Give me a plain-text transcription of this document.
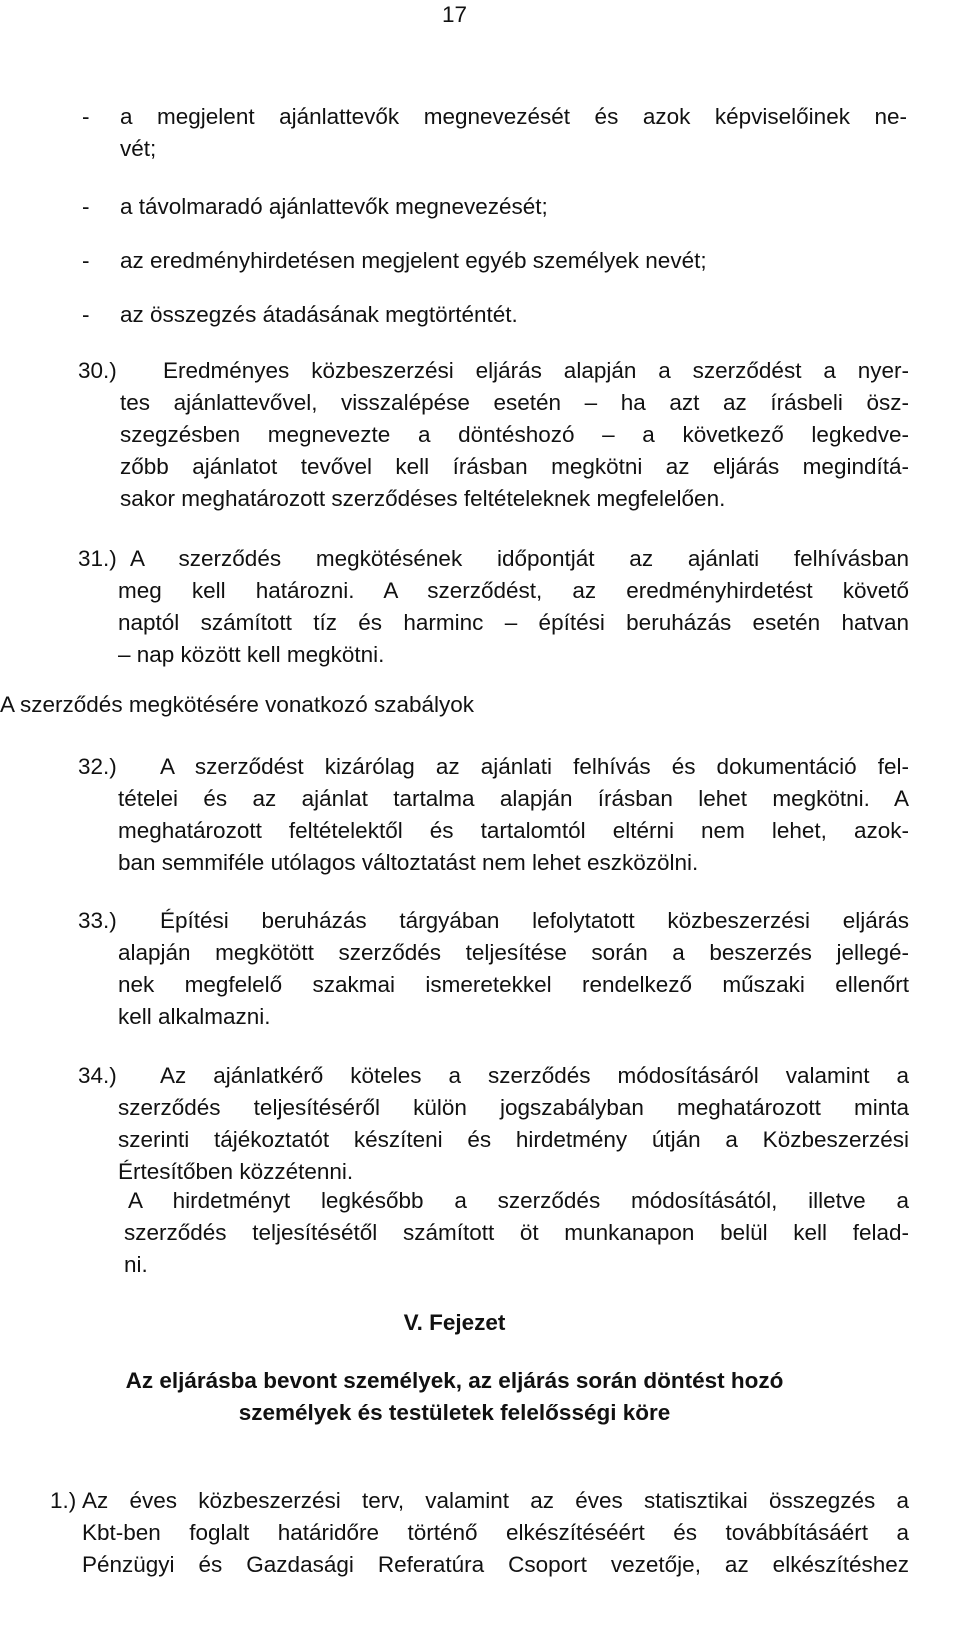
17
- a megjelent ajánlattevők megnevezését és azok képviselőinek ne-
vét;
- a távolmaradó ajánlattevők megnevezését;
- az eredményhirdetésen megjelent egyéb személyek nevét;
- az összegzés átadásának megtörténtét.
30.) Eredményes közbeszerzési eljárás alapján a szerződést a nyer-
tes ajánlattevővel, visszalépése esetén – ha azt az írásbeli ösz-
szegzésben megnevezte a döntéshozó – a következő legkedve-
zőbb ajánlatot tevővel kell írásban megkötni az eljárás megindítá-
sakor meghatározott szerződéses feltételeknek megfelelően.
31.) A szerződés megkötésének időpontját az ajánlati felhívásban
meg kell határozni. A szerződést, az eredményhirdetést követő
naptól számított tíz és harminc – építési beruházás esetén hatvan
– nap között kell megkötni.
A szerződés megkötésére vonatkozó szabályok
32.) A szerződést kizárólag az ajánlati felhívás és dokumentáció fel-
tételei és az ajánlat tartalma alapján írásban lehet megkötni. A
meghatározott feltételektől és tartalomtól eltérni nem lehet, azok-
ban semmiféle utólagos változtatást nem lehet eszközölni.
33.) Építési beruházás tárgyában lefolytatott közbeszerzési eljárás
alapján megkötött szerződés teljesítése során a beszerzés jellegé-
nek megfelelő szakmai ismeretekkel rendelkező műszaki ellenőrt
kell alkalmazni.
34.) Az ajánlatkérő köteles a szerződés módosításáról valamint a
szerződés teljesítéséről külön jogszabályban meghatározott minta
szerinti tájékoztatót készíteni és hirdetmény útján a Közbeszerzési
Értesítőben közzétenni.
A hirdetményt legkésőbb a szerződés módosításától, illetve a
szerződés teljesítésétől számított öt munkanapon belül kell felad-
ni.
V. Fejezet
Az eljárásba bevont személyek, az eljárás során döntést hozó
személyek és testületek felelősségi köre
1.) Az éves közbeszerzési terv, valamint az éves statisztikai összegzés a
Kbt-ben foglalt határidőre történő elkészítéséért és továbbításáért a
Pénzügyi és Gazdasági Referatúra Csoport vezetője, az elkészítéshez
